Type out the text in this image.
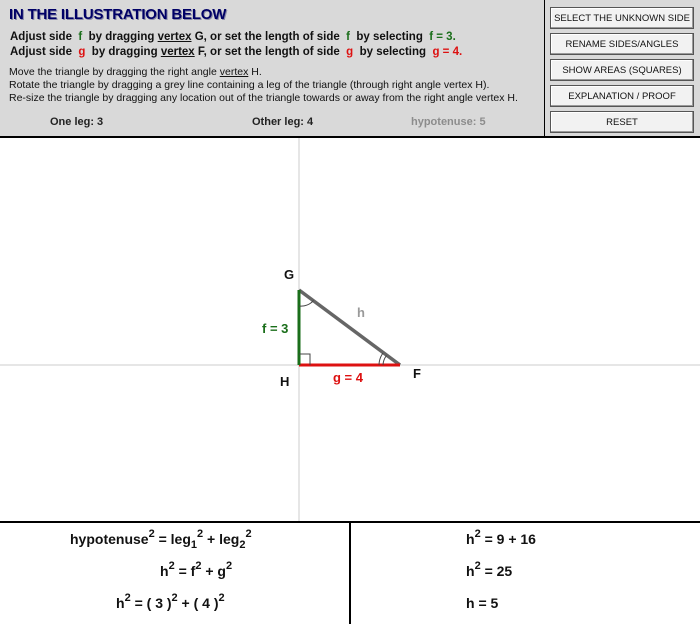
IN THE ILLUSTRATION BELOW
Adjust side f by dragging vertex G, or set the length of side f by selecting f = 3.
Adjust side g by dragging vertex F, or set the length of side g by selecting g = 4.
Move the triangle by dragging the right angle vertex H.
Rotate the triangle by dragging a grey line containing a leg of the triangle (through right angle vertex H).
Re-size the triangle by dragging any location out of the triangle towards or away from the right angle vertex H.
One leg: 3	Other leg: 4	hypotenuse: 5
SELECT THE UNKNOWN SIDE
RENAME SIDES/ANGLES
SHOW AREAS (SQUARES)
EXPLANATION / PROOF
RESET
G
H
F
f = 3
g = 4
h
hypotenuse$^2$ = leg$_1^2$ + leg$_2^2$
$h^2 = f^2 + g^2$
$h^2$ = ( 3 )$^2$ + ( 4 )$^2$
$h^2 = 9 + 16$
$h^2 = 25$
h = 5
